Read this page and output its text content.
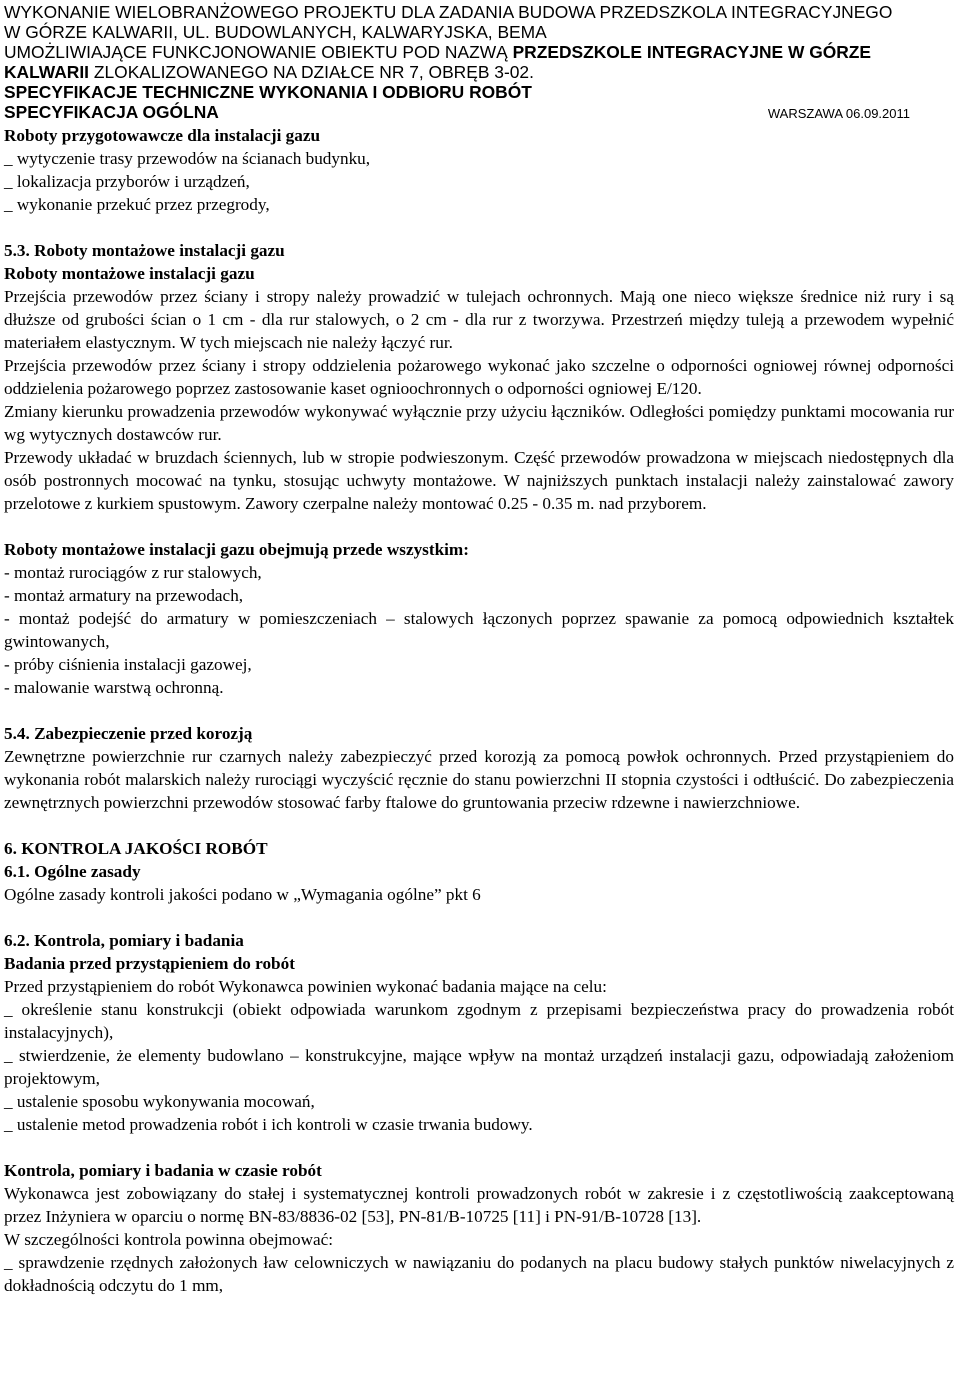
WYKONANIE WIELOBRANŻOWEGO PROJEKTU DLA ZADANIA BUDOWA PRZEDSZKOLA INTEGRACYJNEGO
W GÓRZE KALWARII, UL. BUDOWLANYCH, KALWARYJSKA, BEMA
UMOŻLIWIAJĄCE FUNKCJONOWANIE OBIEKTU POD NAZWĄ PRZEDSZKOLE INTEGRACYJNE W GÓRZE
KALWARII ZLOKALIZOWANEGO NA DZIAŁCE NR 7, OBRĘB 3-02.
SPECYFIKACJE TECHNICZNE WYKONANIA I ODBIORU ROBÓT
SPECYFIKACJA OGÓLNA	WARSZAWA 06.09.2011

Roboty przygotowawcze dla instalacji gazu

_ wytyczenie trasy przewodów na ścianach budynku,

_ lokalizacja przyborów i urządzeń,

_ wykonanie przekuć przez przegrody,

5.3. Roboty montażowe instalacji gazu

Roboty montażowe instalacji gazu

Przejścia przewodów przez ściany i stropy należy prowadzić w tulejach ochronnych. Mają one nieco większe średnice niż rury i są dłuższe od grubości ścian o 1 cm - dla rur stalowych, o 2 cm - dla rur z tworzywa. Przestrzeń między tuleją a przewodem wypełnić materiałem elastycznym. W tych miejscach nie należy łączyć rur.

Przejścia przewodów przez ściany i stropy oddzielenia pożarowego wykonać jako szczelne o odporności ogniowej równej odporności oddzielenia pożarowego poprzez zastosowanie kaset ognioochronnych o odporności ogniowej E/120.

Zmiany kierunku prowadzenia przewodów wykonywać wyłącznie przy użyciu łączników. Odległości pomiędzy punktami mocowania rur wg wytycznych dostawców rur.

Przewody układać w bruzdach ściennych, lub w stropie podwieszonym. Część przewodów prowadzona w miejscach niedostępnych dla osób postronnych mocować na tynku, stosując uchwyty montażowe. W najniższych punktach instalacji należy zainstalować zawory przelotowe z kurkiem spustowym. Zawory czerpalne należy montować 0.25 - 0.35 m. nad przyborem.

Roboty montażowe instalacji gazu obejmują przede wszystkim:

- montaż rurociągów z rur stalowych,

- montaż armatury na przewodach,

- montaż podejść do armatury w pomieszczeniach – stalowych łączonych poprzez spawanie za pomocą odpowiednich kształtek gwintowanych,

- próby ciśnienia instalacji gazowej,

- malowanie warstwą ochronną.

5.4. Zabezpieczenie przed korozją

Zewnętrzne powierzchnie rur czarnych należy zabezpieczyć przed korozją za pomocą powłok ochronnych. Przed przystąpieniem do wykonania robót malarskich należy rurociągi wyczyścić ręcznie do stanu powierzchni II stopnia czystości i odtłuścić. Do zabezpieczenia zewnętrznych powierzchni przewodów stosować farby ftalowe do gruntowania przeciw rdzewne i nawierzchniowe.

6. KONTROLA JAKOŚCI ROBÓT

6.1. Ogólne zasady

Ogólne zasady kontroli jakości podano w „Wymagania ogólne” pkt 6

6.2. Kontrola, pomiary i badania

Badania przed przystąpieniem do robót

Przed przystąpieniem do robót Wykonawca powinien wykonać badania mające na celu:

_ określenie stanu konstrukcji (obiekt odpowiada warunkom zgodnym z przepisami bezpieczeństwa pracy do prowadzenia robót instalacyjnych),

_ stwierdzenie, że elementy budowlano – konstrukcyjne, mające wpływ na montaż urządzeń instalacji gazu, odpowiadają założeniom projektowym,

_ ustalenie sposobu wykonywania mocowań,

_ ustalenie metod prowadzenia robót i ich kontroli w czasie trwania budowy.

Kontrola, pomiary i badania w czasie robót

Wykonawca jest zobowiązany do stałej i systematycznej kontroli prowadzonych robót w zakresie i z częstotliwością zaakceptowaną przez Inżyniera w oparciu o normę BN-83/8836-02 [53], PN-81/B-10725 [11] i PN-91/B-10728 [13].

W szczególności kontrola powinna obejmować:

_ sprawdzenie rzędnych założonych ław celowniczych w nawiązaniu do podanych na placu budowy stałych punktów niwelacyjnych z dokładnością odczytu do 1 mm,
